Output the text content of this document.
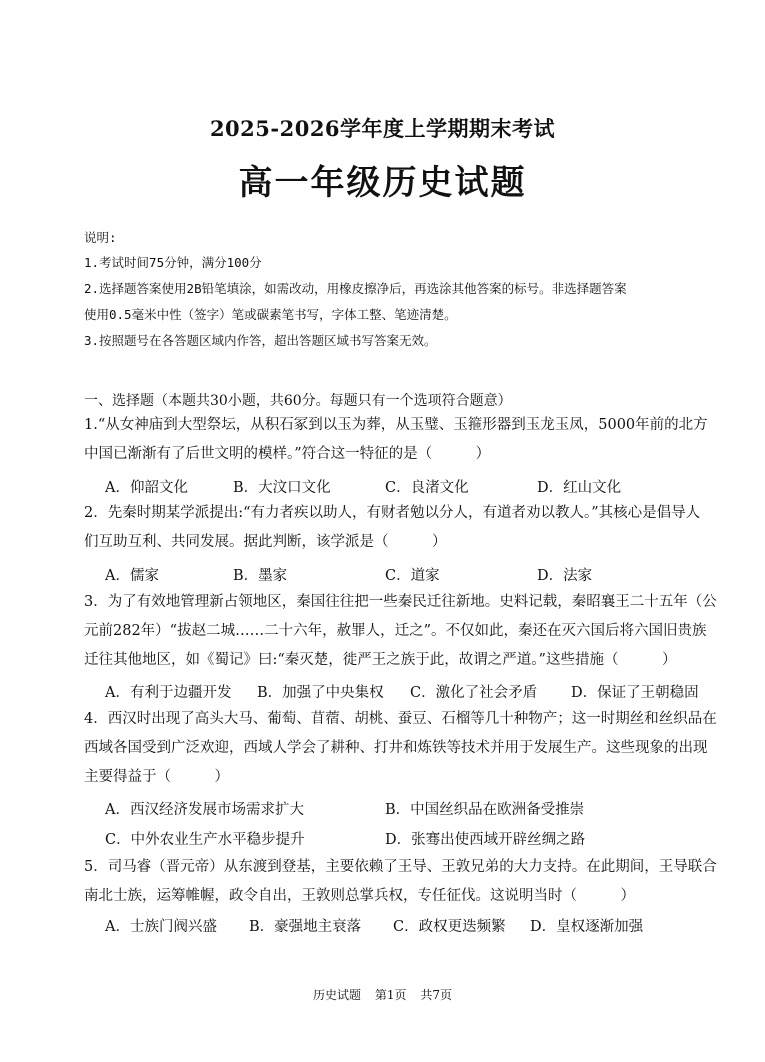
2025-2026学年度上学期期末考试
高一年级历史试题
说明:
1.考试时间75分钟，满分100分
2.选择题答案使用2B铅笔填涂，如需改动，用橡皮擦净后，再选涂其他答案的标号。非选择题答案
使用0.5毫米中性（签字）笔或碳素笔书写，字体工整、笔迹清楚。
3.按照题号在各答题区域内作答，超出答题区域书写答案无效。
一、选择题（本题共30小题，共60分。每题只有一个选项符合题意）
1.“从女神庙到大型祭坛，从积石冢到以玉为葬，从玉璧、玉箍形器到玉龙玉凤，5000年前的北方
中国已渐渐有了后世文明的模样。”符合这一特征的是（　　　）
A．仰韶文化	B．大汶口文化	C．良渚文化	D．红山文化
2．先秦时期某学派提出:“有力者疾以助人，有财者勉以分人，有道者劝以教人。”其核心是倡导人
们互助互利、共同发展。据此判断，该学派是（　　　）
A．儒家	B．墨家	C．道家	D．法家
3．为了有效地管理新占领地区，秦国往往把一些秦民迁往新地。史料记载，秦昭襄王二十五年（公
元前282年）“拔赵二城……二十六年，赦罪人，迁之”。不仅如此，秦还在灭六国后将六国旧贵族
迁往其他地区，如《蜀记》曰:“秦灭楚，徙严王之族于此，故谓之严道。”这些措施（　　　）
A．有利于边疆开发 B．加强了中央集权 C．激化了社会矛盾 D．保证了王朝稳固
4．西汉时出现了高头大马、葡萄、苜蓿、胡桃、蚕豆、石榴等几十种物产；这一时期丝和丝织品在
西域各国受到广泛欢迎，西域人学会了耕种、打井和炼铁等技术并用于发展生产。这些现象的出现
主要得益于（　　　）
A．西汉经济发展市场需求扩大	B．中国丝织品在欧洲备受推崇
C．中外农业生产水平稳步提升	D．张骞出使西域开辟丝绸之路
5．司马睿（晋元帝）从东渡到登基，主要依赖了王导、王敦兄弟的大力支持。在此期间，王导联合
南北士族，运筹帷幄，政令自出，王敦则总掌兵权，专任征伐。这说明当时（　　　）
A．士族门阀兴盛 B．豪强地主衰落 C．政权更迭频繁 D．皇权逐渐加强
历史试题 第1页 共7页
